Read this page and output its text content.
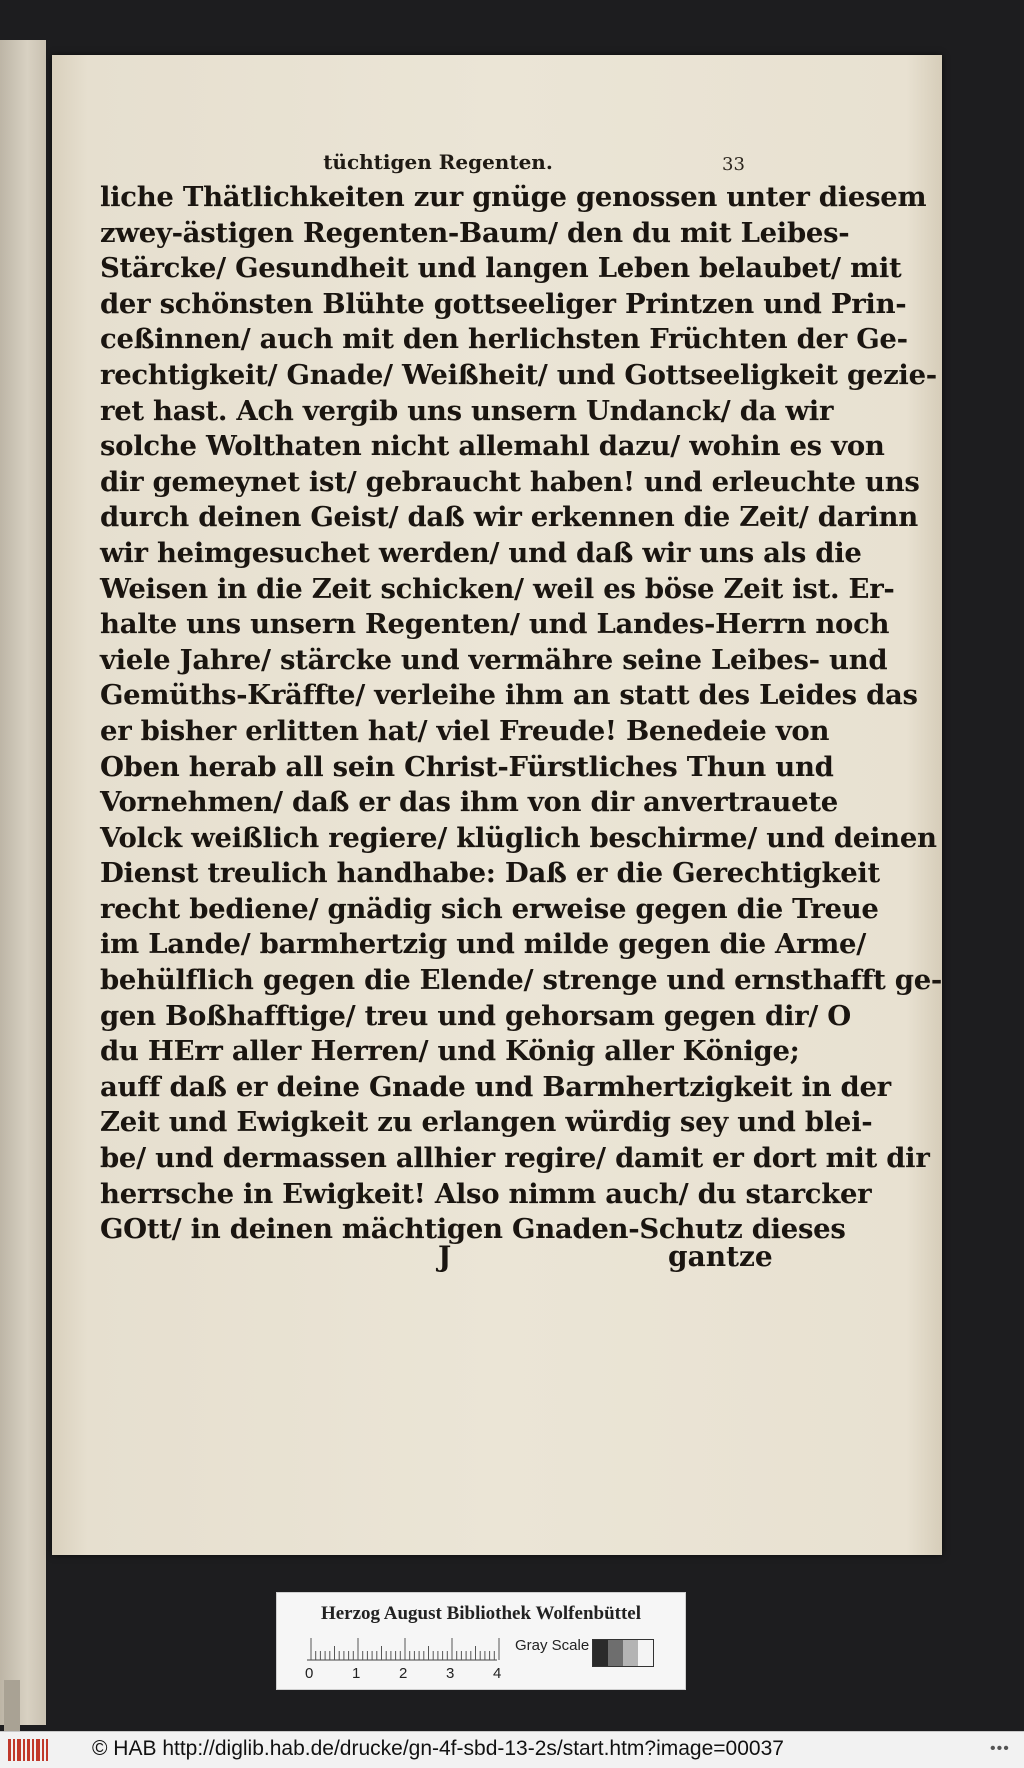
tüchtigen Regenten.	33
liche Thätlichkeiten zur gnüge genossen unter diesem
zwey-ästigen Regenten-Baum/ den du mit Leibes-
Stärcke/ Gesundheit und langen Leben belaubet/ mit
der schönsten Blühte gottseeliger Printzen und Prin-
ceßinnen/ auch mit den herlichsten Früchten der Ge-
rechtigkeit/ Gnade/ Weißheit/ und Gottseeligkeit gezie-
ret hast. Ach vergib uns unsern Undanck/ da wir
solche Wolthaten nicht allemahl dazu/ wohin es von
dir gemeynet ist/ gebraucht haben! und erleuchte uns
durch deinen Geist/ daß wir erkennen die Zeit/ darinn
wir heimgesuchet werden/ und daß wir uns als die
Weisen in die Zeit schicken/ weil es böse Zeit ist. Er-
halte uns unsern Regenten/ und Landes-Herrn noch
viele Jahre/ stärcke und vermähre seine Leibes- und
Gemüths-Kräffte/ verleihe ihm an statt des Leides das
er bisher erlitten hat/ viel Freude! Benedeie von
Oben herab all sein Christ-Fürstliches Thun und
Vornehmen/ daß er das ihm von dir anvertrauete
Volck weißlich regiere/ klüglich beschirme/ und deinen
Dienst treulich handhabe: Daß er die Gerechtigkeit
recht bediene/ gnädig sich erweise gegen die Treue
im Lande/ barmhertzig und milde gegen die Arme/
behülflich gegen die Elende/ strenge und ernsthafft ge-
gen Boßhafftige/ treu und gehorsam gegen dir/ O
du HErr aller Herren/ und König aller Könige;
auff daß er deine Gnade und Barmhertzigkeit in der
Zeit und Ewigkeit zu erlangen würdig sey und blei-
be/ und dermassen allhier regire/ damit er dort mit dir
herrsche in Ewigkeit! Also nimm auch/ du starcker
GOtt/ in deinen mächtigen Gnaden-Schutz dieses
J	gantze
Herzog August Bibliothek Wolfenbüttel
0	1	2	3	4
Gray Scale
© HAB http://diglib.hab.de/drucke/gn-4f-sbd-13-2s/start.htm?image=00037	•••
